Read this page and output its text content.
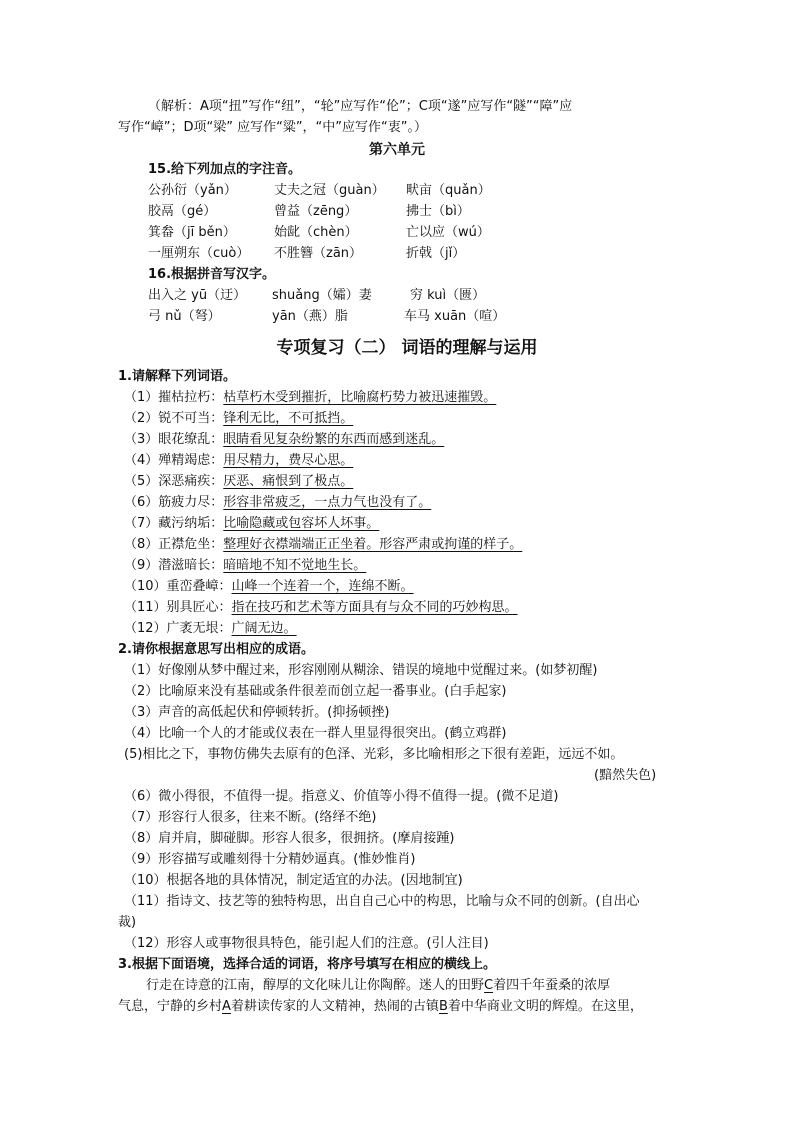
（解析：A项“扭”写作“纽”，“轮”应写作“伦”；C项“遂”应写作“隧”“障”应
写作“嶂”；D项“梁” 应写作“粱”，“中”应写作“衷”。）
第六单元
15.给下列加点的字注音。
公孙衍（yǎn）	丈夫之冠（guàn） 畎亩（quǎn）
胶鬲（gé）	曾益（zēng）	拂士（bì）
箕畚（jī běn）	始龀（chèn）	亡以应（wú）
一厘朔东（cuò） 不胜簪（zān）	折戟（jǐ）
16.根据拼音写汉字。
出入之 yū（迂） shuǎng（孀）妻	穷 kuì（匮）
弓 nǔ（弩）	yān（燕）脂	车马 xuān（喧）
专项复习（二） 词语的理解与运用
1.请解释下列词语。
（1）摧枯拉朽：枯草朽木受到摧折，比喻腐朽势力被迅速摧毁。
（2）锐不可当：锋利无比，不可抵挡。
（3）眼花缭乱：眼睛看见复杂纷繁的东西而感到迷乱。
（4）殚精竭虑：用尽精力，费尽心思。
（5）深恶痛疾：厌恶、痛恨到了极点。
（6）筋疲力尽：形容非常疲乏，一点力气也没有了。
（7）藏污纳垢：比喻隐藏或包容坏人坏事。
（8）正襟危坐：整理好衣襟端端正正坐着。形容严肃或拘谨的样子。
（9）潜滋暗长：暗暗地不知不觉地生长。
（10）重峦叠嶂：山峰一个连着一个，连绵不断。
（11）别具匠心：指在技巧和艺术等方面具有与众不同的巧妙构思。
（12）广袤无垠：广阔无边。
2.请你根据意思写出相应的成语。
（1）好像刚从梦中醒过来，形容刚刚从糊涂、错误的境地中觉醒过来。(如梦初醒)
（2）比喻原来没有基础或条件很差而创立起一番事业。(白手起家)
（3）声音的高低起伏和停顿转折。(抑扬顿挫)
（4）比喻一个人的才能或仪表在一群人里显得很突出。(鹤立鸡群)
(5)相比之下，事物仿佛失去原有的色泽、光彩，多比喻相形之下很有差距，远远不如。
(黯然失色)
（6）微小得很，不值得一提。指意义、价值等小得不值得一提。(微不足道)
（7）形容行人很多，往来不断。(络绎不绝)
（8）肩并肩，脚碰脚。形容人很多，很拥挤。(摩肩接踵)
（9）形容描写或雕刻得十分精妙逼真。(惟妙惟肖)
（10）根据各地的具体情况，制定适宜的办法。(因地制宜)
（11）指诗文、技艺等的独特构思，出自自己心中的构思，比喻与众不同的创新。(自出心
裁)
（12）形容人或事物很具特色，能引起人们的注意。(引人注目)
3.根据下面语境，选择合适的词语，将序号填写在相应的横线上。
行走在诗意的江南，醇厚的文化味儿让你陶醉。迷人的田野C着四千年蚕桑的浓厚
气息，宁静的乡村A着耕读传家的人文精神，热闹的古镇B着中华商业文明的辉煌。在这里，
